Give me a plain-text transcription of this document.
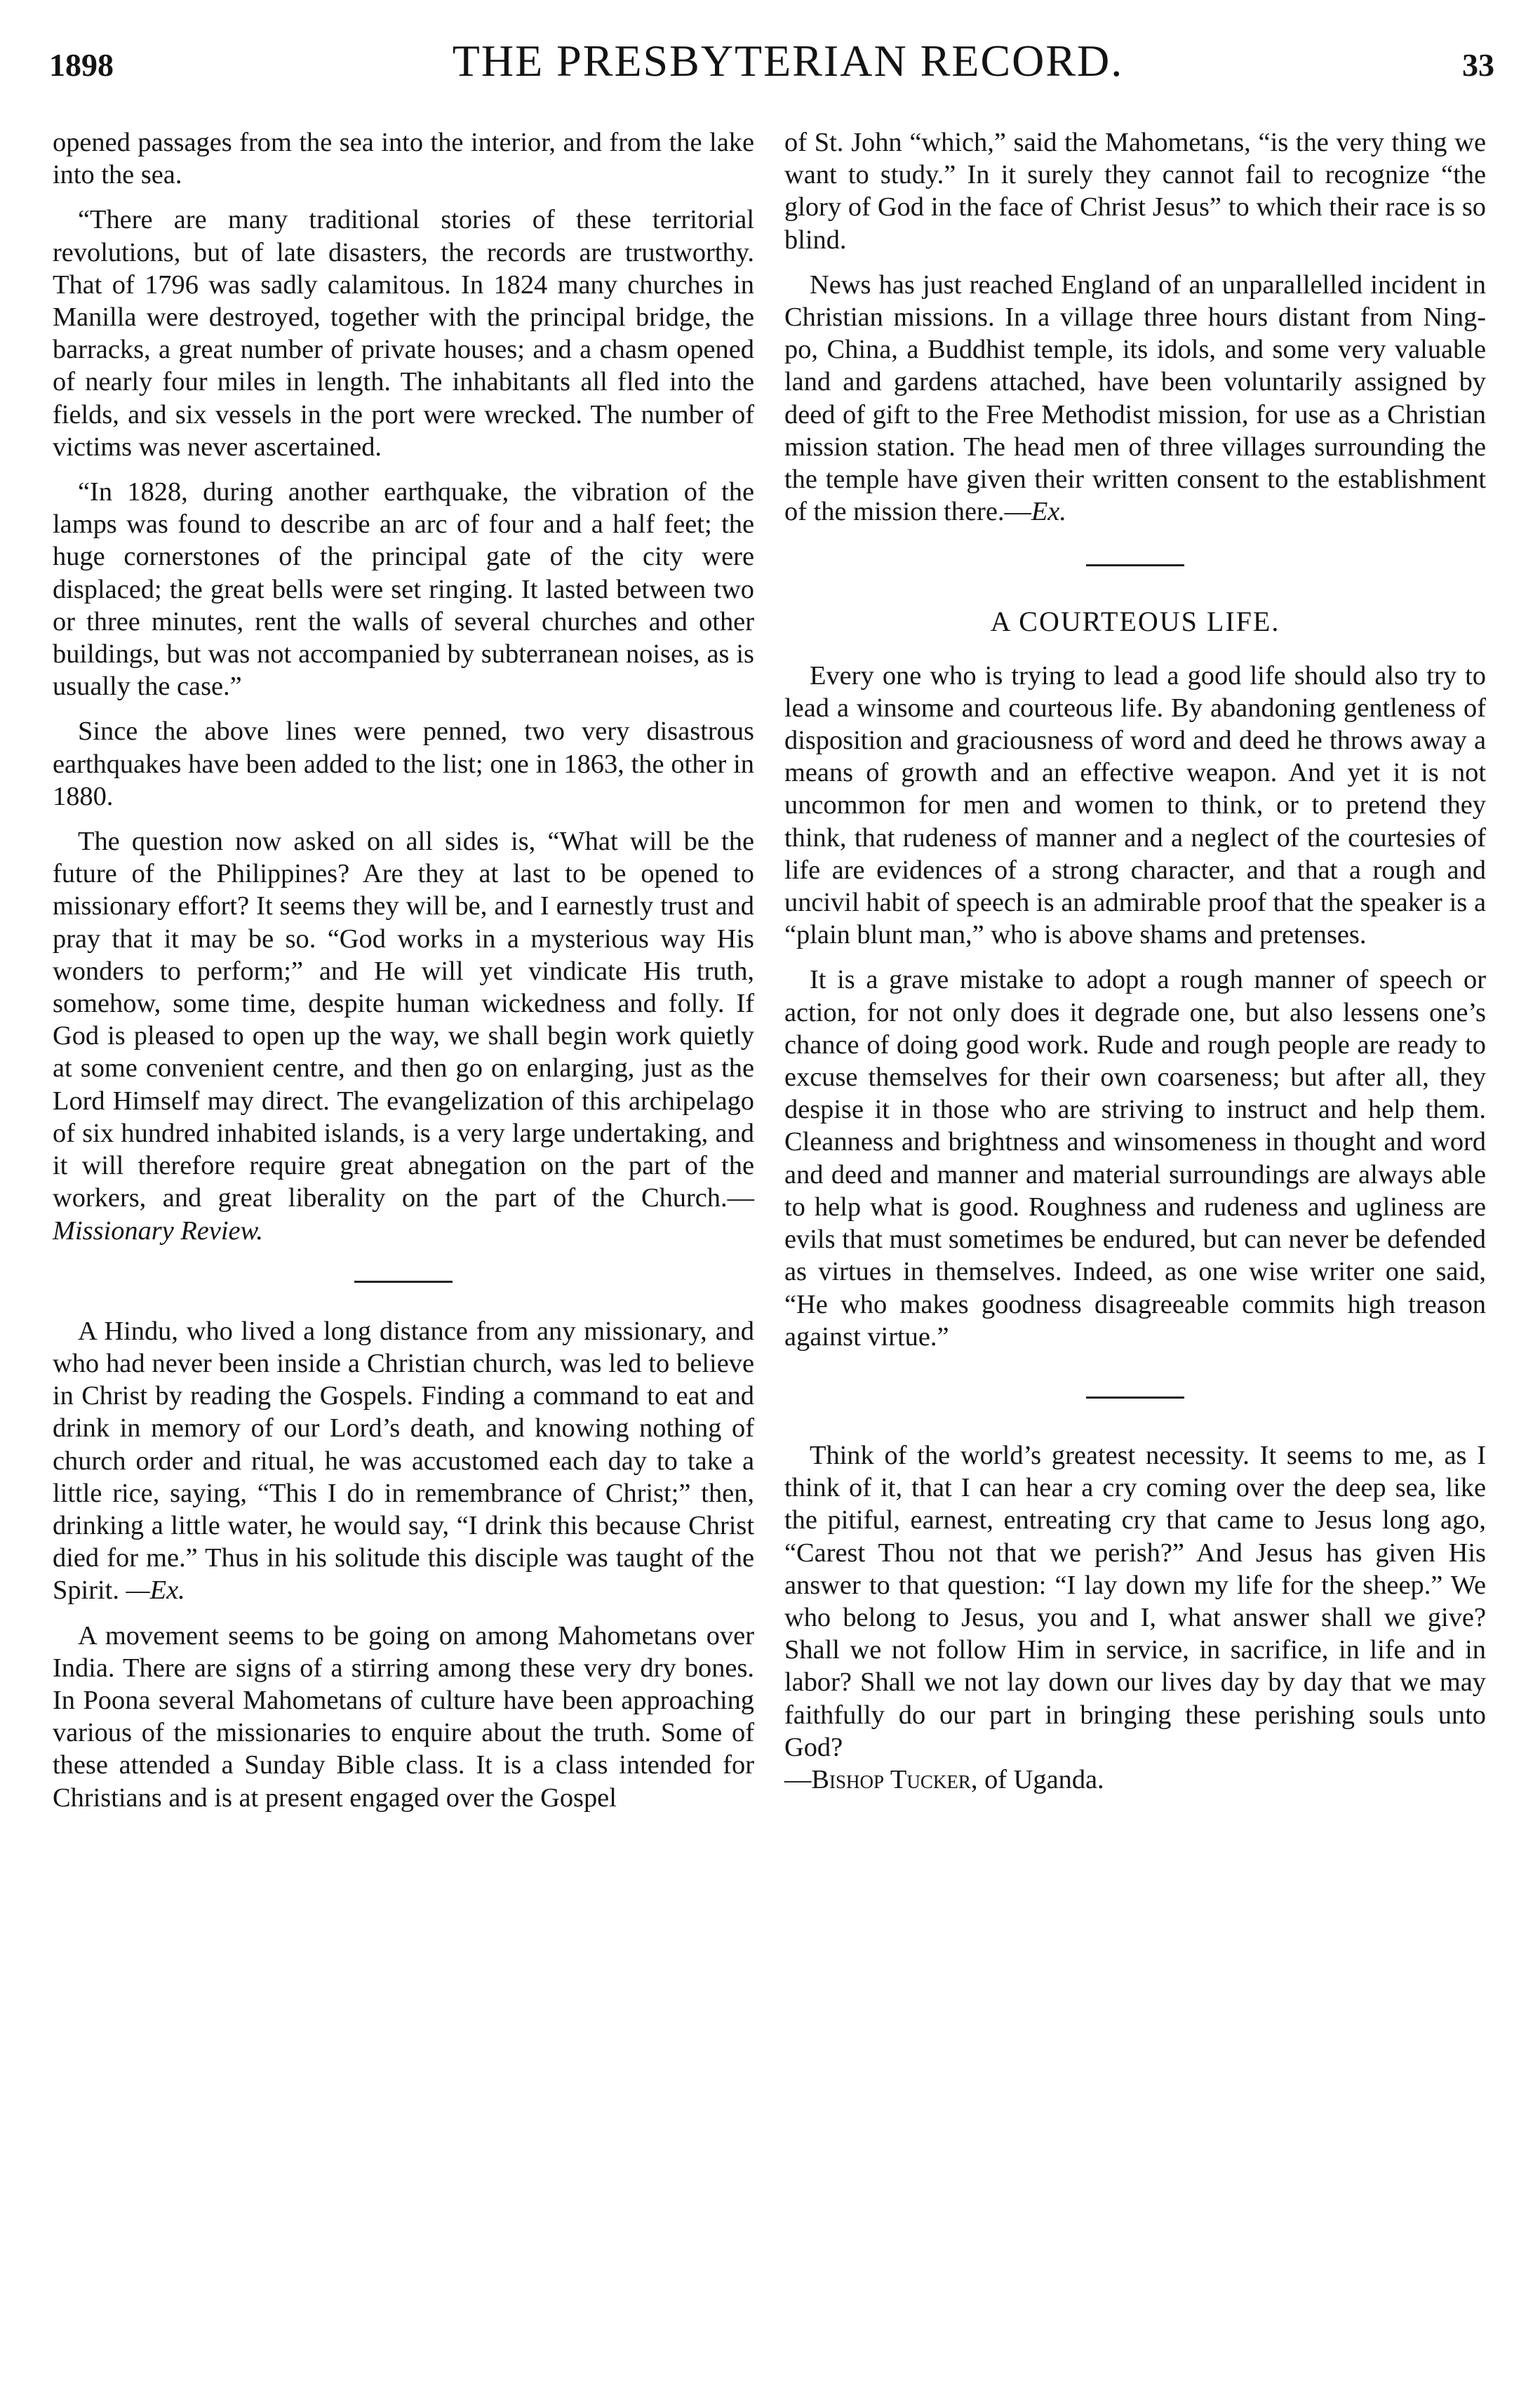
1898	THE PRESBYTERIAN RECORD.	33

opened passages from the sea into the interior, and from the lake into the sea.

“There are many traditional stories of these territorial revolutions, but of late disasters, the records are trustworthy. That of 1796 was sadly calamitous. In 1824 many churches in Manilla were destroyed, together with the principal bridge, the barracks, a great number of private houses; and a chasm opened of nearly four miles in length. The inhabitants all fled into the fields, and six vessels in the port were wrecked. The number of victims was never ascertained.

“In 1828, during another earthquake, the vibration of the lamps was found to describe an arc of four and a half feet; the huge cornerstones of the principal gate of the city were displaced; the great bells were set ringing. It lasted between two or three minutes, rent the walls of several churches and other buildings, but was not accompanied by subterranean noises, as is usually the case.”

Since the above lines were penned, two very disastrous earthquakes have been added to the list; one in 1863, the other in 1880.

The question now asked on all sides is, “What will be the future of the Philippines? Are they at last to be opened to missionary effort? It seems they will be, and I earnestly trust and pray that it may be so. “God works in a mysterious way His wonders to perform;” and He will yet vindicate His truth, somehow, some time, despite human wickedness and folly. If God is pleased to open up the way, we shall begin work quietly at some convenient centre, and then go on enlarging, just as the Lord Himself may direct. The evangelization of this archipelago of six hundred inhabited islands, is a very large undertaking, and it will therefore require great abnegation on the part of the workers, and great liberality on the part of the Church.—Missionary Review.

A Hindu, who lived a long distance from any missionary, and who had never been inside a Christian church, was led to believe in Christ by reading the Gospels. Finding a command to eat and drink in memory of our Lord’s death, and knowing nothing of church order and ritual, he was accustomed each day to take a little rice, saying, “This I do in remembrance of Christ;” then, drinking a little water, he would say, “I drink this because Christ died for me.” Thus in his solitude this disciple was taught of the Spirit. —Ex.

A movement seems to be going on among Mahometans over India. There are signs of a stirring among these very dry bones. In Poona several Mahometans of culture have been approaching various of the missionaries to enquire about the truth. Some of these attended a Sunday Bible class. It is a class intended for Christians and is at present engaged over the Gospel

of St. John “which,” said the Mahometans, “is the very thing we want to study.” In it surely they cannot fail to recognize “the glory of God in the face of Christ Jesus” to which their race is so blind.

News has just reached England of an unparallelled incident in Christian missions. In a village three hours distant from Ning-po, China, a Buddhist temple, its idols, and some very valuable land and gardens attached, have been voluntarily assigned by deed of gift to the Free Methodist mission, for use as a Christian mission station. The head men of three villages surrounding the the temple have given their written consent to the establishment of the mission there.—Ex.

A COURTEOUS LIFE.

Every one who is trying to lead a good life should also try to lead a winsome and courteous life. By abandoning gentleness of disposition and graciousness of word and deed he throws away a means of growth and an effective weapon. And yet it is not uncommon for men and women to think, or to pretend they think, that rudeness of manner and a neglect of the courtesies of life are evidences of a strong character, and that a rough and uncivil habit of speech is an admirable proof that the speaker is a “plain blunt man,” who is above shams and pretenses.

It is a grave mistake to adopt a rough manner of speech or action, for not only does it degrade one, but also lessens one’s chance of doing good work. Rude and rough people are ready to excuse themselves for their own coarseness; but after all, they despise it in those who are striving to instruct and help them. Cleanness and brightness and winsomeness in thought and word and deed and manner and material surroundings are always able to help what is good. Roughness and rudeness and ugliness are evils that must sometimes be endured, but can never be defended as virtues in themselves. Indeed, as one wise writer one said, “He who makes goodness disagreeable commits high treason against virtue.”

Think of the world’s greatest necessity. It seems to me, as I think of it, that I can hear a cry coming over the deep sea, like the pitiful, earnest, entreating cry that came to Jesus long ago, “Carest Thou not that we perish?” And Jesus has given His answer to that question: “I lay down my life for the sheep.” We who belong to Jesus, you and I, what answer shall we give? Shall we not follow Him in service, in sacrifice, in life and in labor? Shall we not lay down our lives day by day that we may faithfully do our part in bringing these perishing souls unto God?

—Bishop Tucker, of Uganda.
